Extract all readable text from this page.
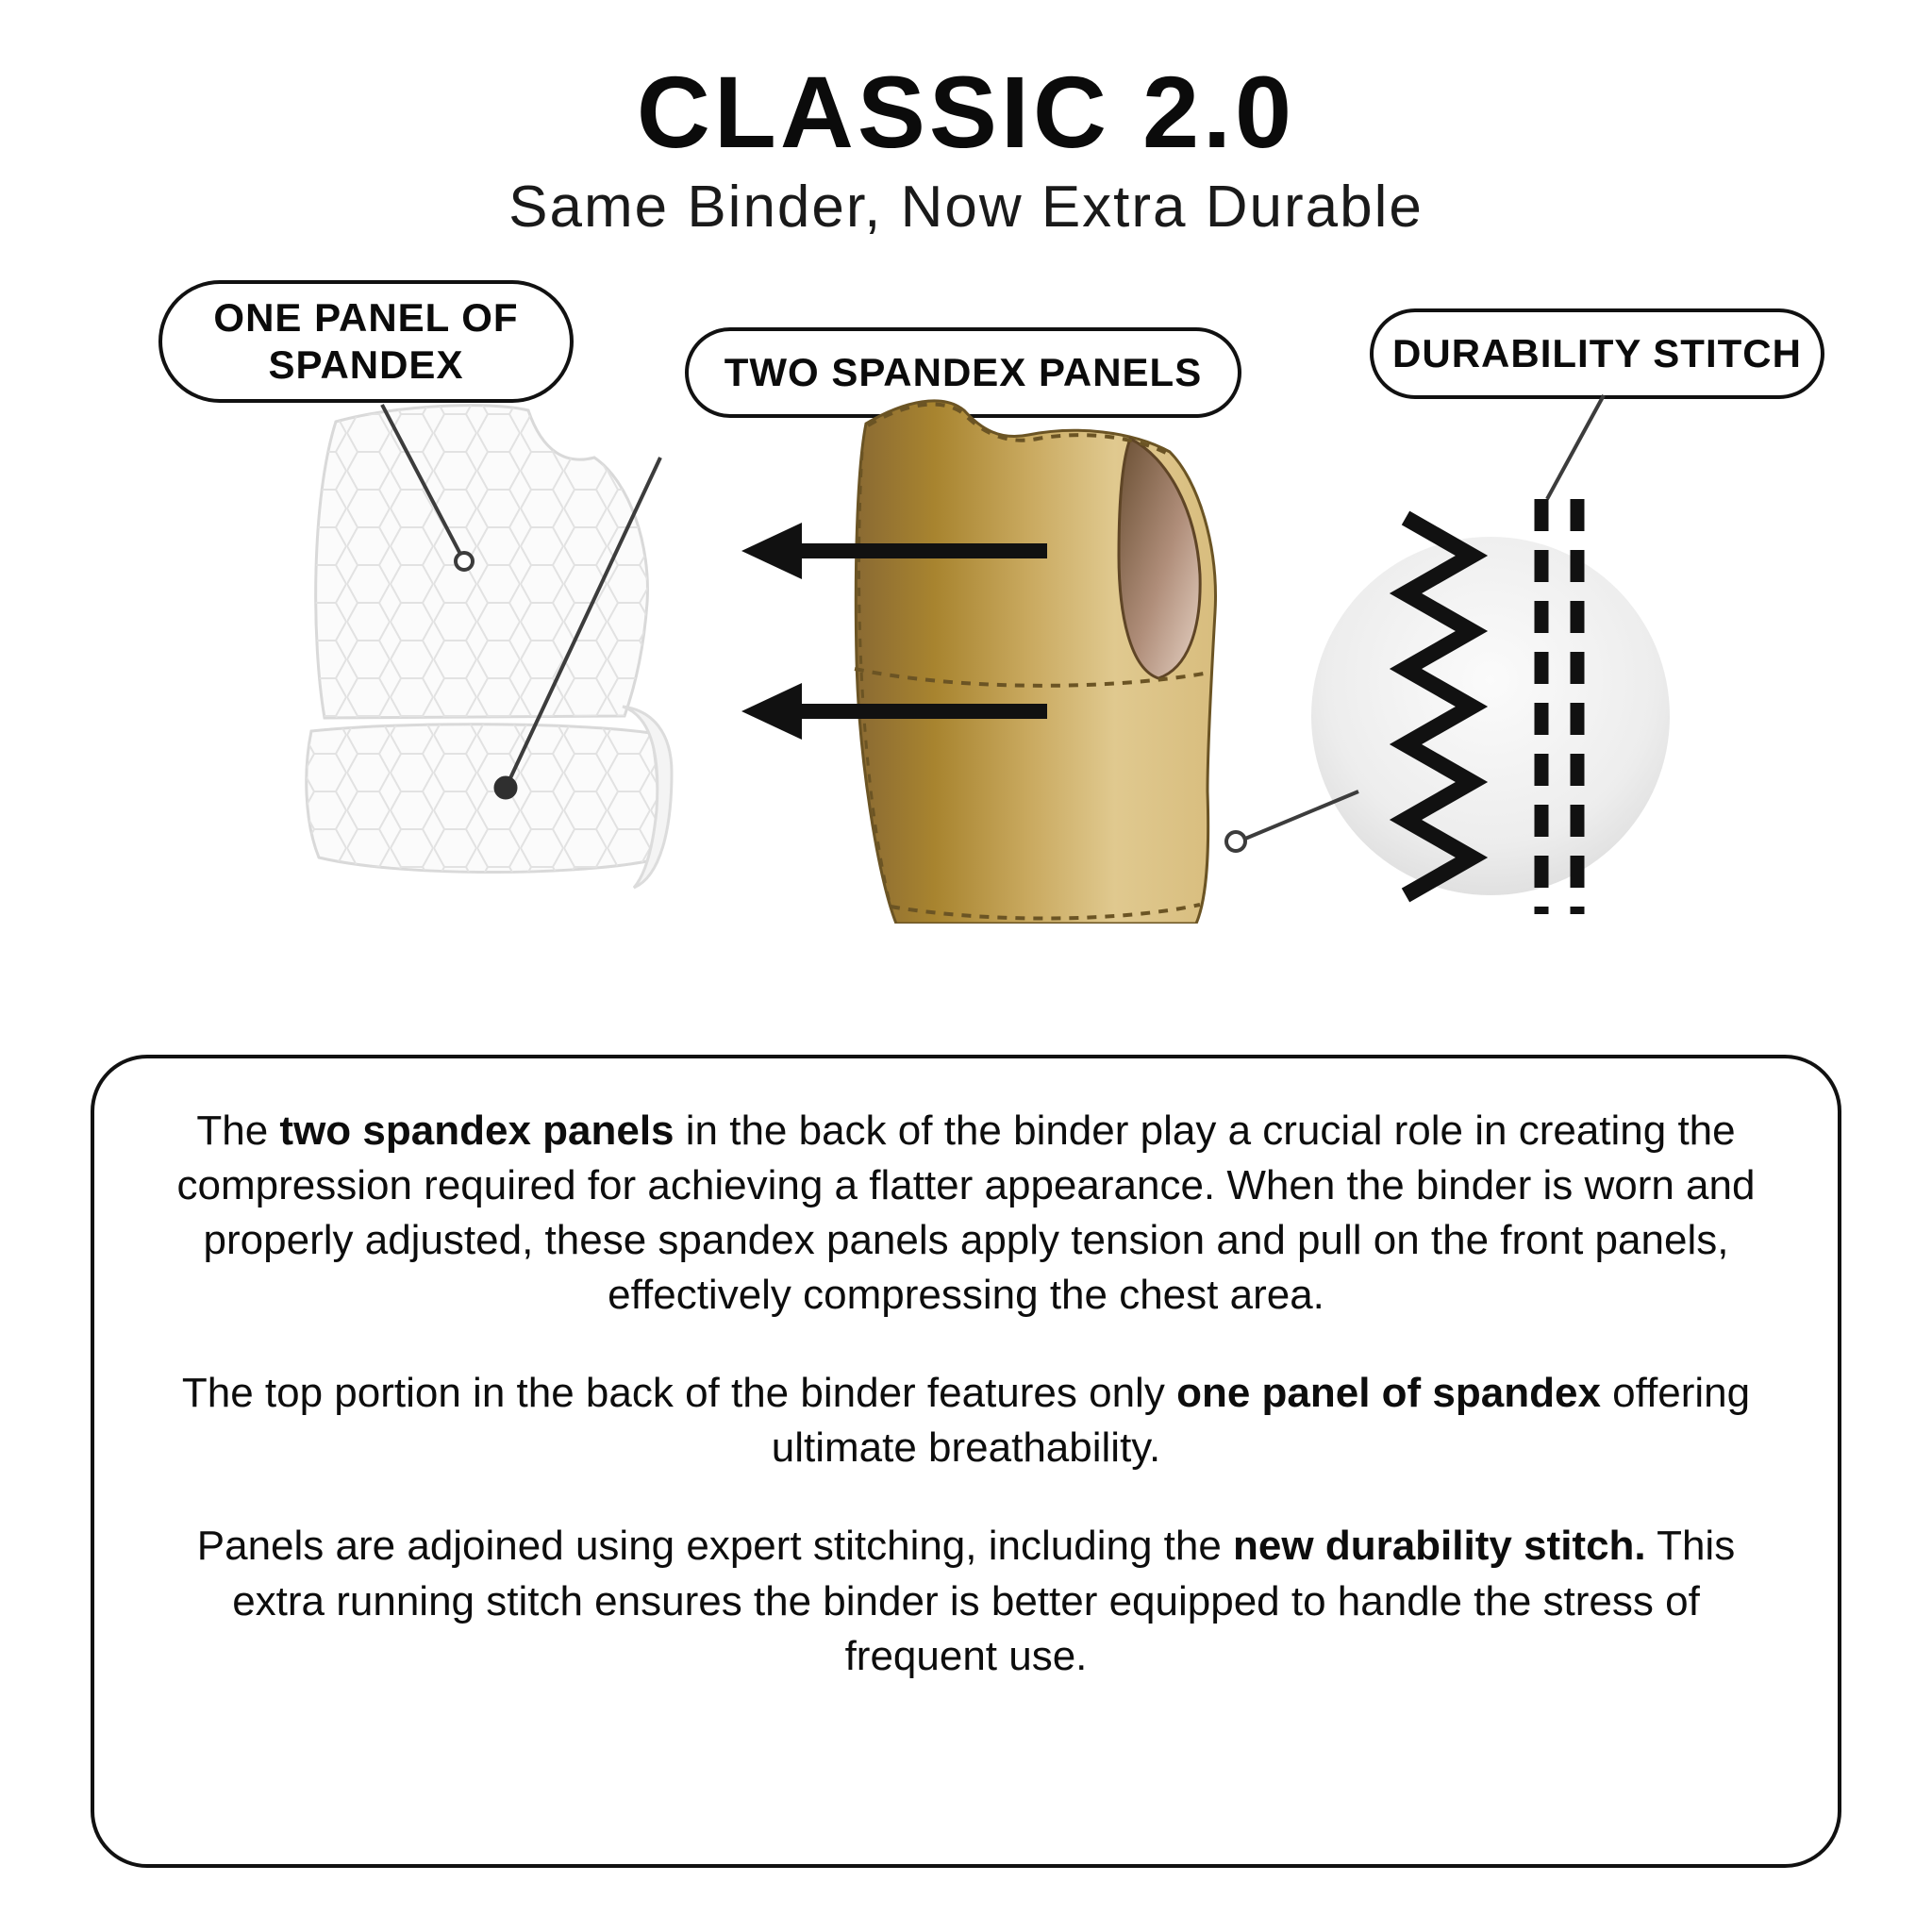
CLASSIC 2.0
Same Binder, Now Extra Durable
ONE PANEL OF SPANDEX	TWO SPANDEX PANELS	DURABILITY STITCH

The two spandex panels in the back of the binder play a crucial role in creating the compression required for achieving a flatter appearance. When the binder is worn and properly adjusted, these spandex panels apply tension and pull on the front panels, effectively compressing the chest area.

The top portion in the back of the binder features only one panel of spandex offering ultimate breathability.

Panels are adjoined using expert stitching, including the new durability stitch. This extra running stitch ensures the binder is better equipped to handle the stress of frequent use.
